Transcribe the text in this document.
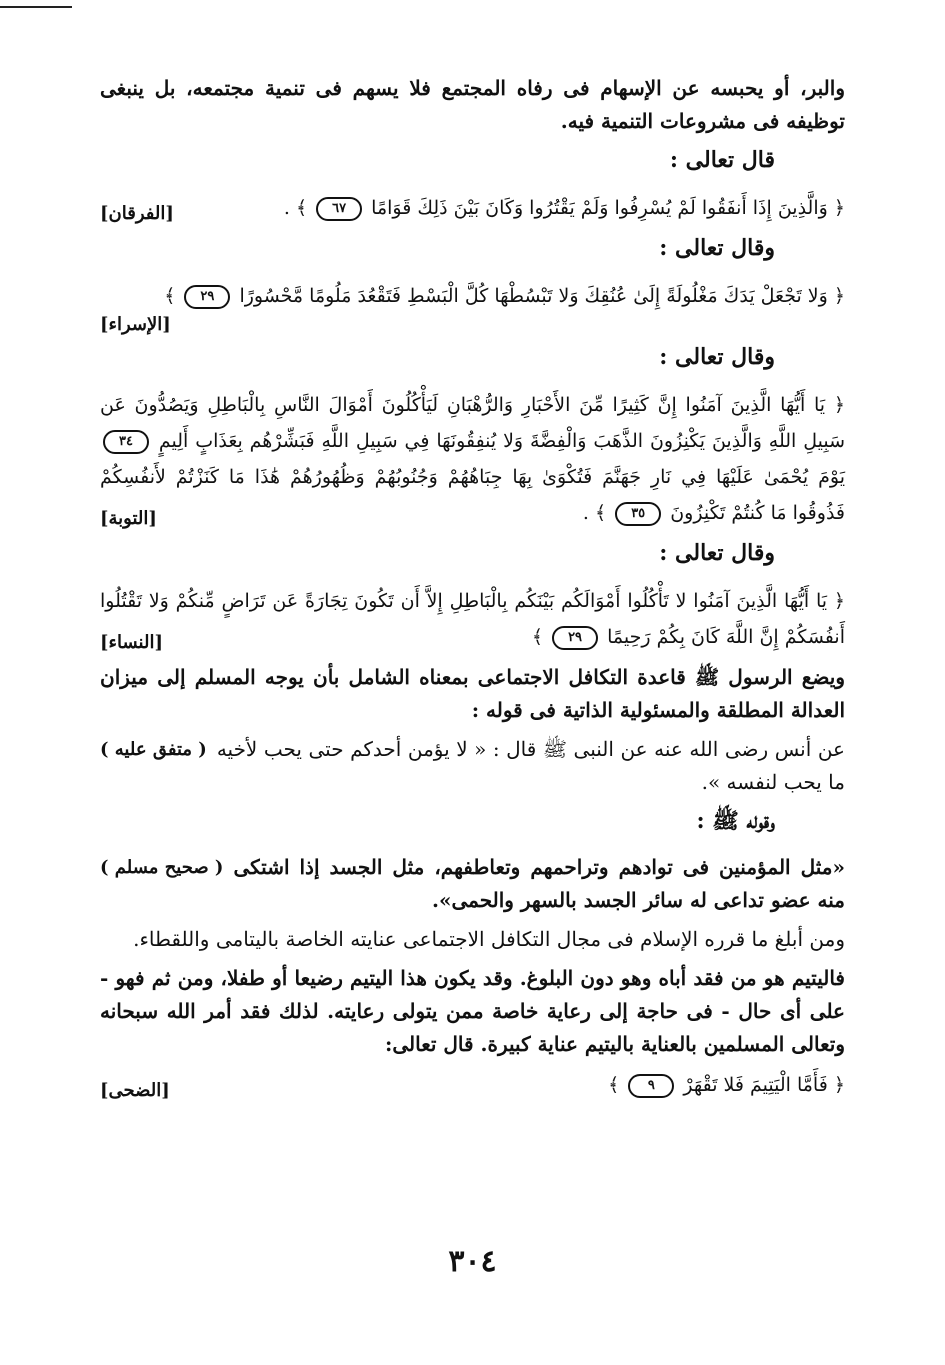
والبر، أو يحبسه عن الإسهام فى رفاه المجتمع فلا يسهم فى تنمية مجتمعه، بل ينبغى توظيفه فى مشروعات التنمية فيه.

قال تعالى :

﴿ وَالَّذِينَ إِذَا أَنفَقُوا لَمْ يُسْرِفُوا وَلَمْ يَقْتُرُوا وَكَانَ بَيْنَ ذَلِكَ قَوَامًا ٦٧ ﴾ .

[الفرقان]
وقال تعالى :

﴿ وَلا تَجْعَلْ يَدَكَ مَغْلُولَةً إِلَىٰ عُنُقِكَ وَلا تَبْسُطْهَا كُلَّ الْبَسْطِ فَتَقْعُدَ مَلُومًا مَّحْسُورًا ٢٩ ﴾

[الإسراء]
وقال تعالى :

﴿ يَا أَيُّهَا الَّذِينَ آمَنُوا إِنَّ كَثِيرًا مِّنَ الأَحْبَارِ وَالرُّهْبَانِ لَيَأْكُلُونَ أَمْوَالَ النَّاسِ بِالْبَاطِلِ وَيَصُدُّونَ عَن سَبِيلِ اللَّهِ وَالَّذِينَ يَكْنِزُونَ الذَّهَبَ وَالْفِضَّةَ وَلا يُنفِقُونَهَا فِي سَبِيلِ اللَّهِ فَبَشِّرْهُم بِعَذَابٍ أَلِيمٍ ٣٤ يَوْمَ يُحْمَىٰ عَلَيْهَا فِي نَارِ جَهَنَّمَ فَتُكْوَىٰ بِهَا جِبَاهُهُمْ وَجُنُوبُهُمْ وَظُهُورُهُمْ هَٰذَا مَا كَنَزْتُمْ لأَنفُسِكُمْ فَذُوقُوا مَا كُنتُمْ تَكْنِزُونَ ٣٥ ﴾ .

[التوبة]
وقال تعالى :

﴿ يَا أَيُّهَا الَّذِينَ آمَنُوا لا تَأْكُلُوا أَمْوَالَكُم بَيْنَكُم بِالْبَاطِلِ إِلاَّ أَن تَكُونَ تِجَارَةً عَن تَرَاضٍ مِّنكُمْ وَلا تَقْتُلُوا أَنفُسَكُمْ إِنَّ اللَّهَ كَانَ بِكُمْ رَحِيمًا ٢٩ ﴾

[النساء]

ويضع الرسول ﷺ قاعدة التكافل الاجتماعى بمعناه الشامل بأن يوجه المسلم إلى ميزان العدالة المطلقة والمسئولية الذاتية فى قوله :

( متفق عليه ) عن أنس رضى الله عنه عن النبى ﷺ قال : « لا يؤمن أحدكم حتى يحب لأخيه ما يحب لنفسه ».

وقوله ﷺ :

( صحيح مسلم ) «مثل المؤمنين فى توادهم وتراحمهم وتعاطفهم، مثل الجسد إذا اشتكى منه عضو تداعى له سائر الجسد بالسهر والحمى».

ومن أبلغ ما قرره الإسلام فى مجال التكافل الاجتماعى عنايته الخاصة باليتامى واللقطاء.

فاليتيم هو من فقد أباه وهو دون البلوغ. وقد يكون هذا اليتيم رضيعا أو طفلا، ومن ثم فهو - على أى حال - فى حاجة إلى رعاية خاصة ممن يتولى رعايته. لذلك فقد أمر الله سبحانه وتعالى المسلمين بالعناية باليتيم عناية كبيرة. قال تعالى:

﴿ فَأَمَّا الْيَتِيمَ فَلا تَقْهَرْ ٩ ﴾

[الضحى]
٣٠٤
